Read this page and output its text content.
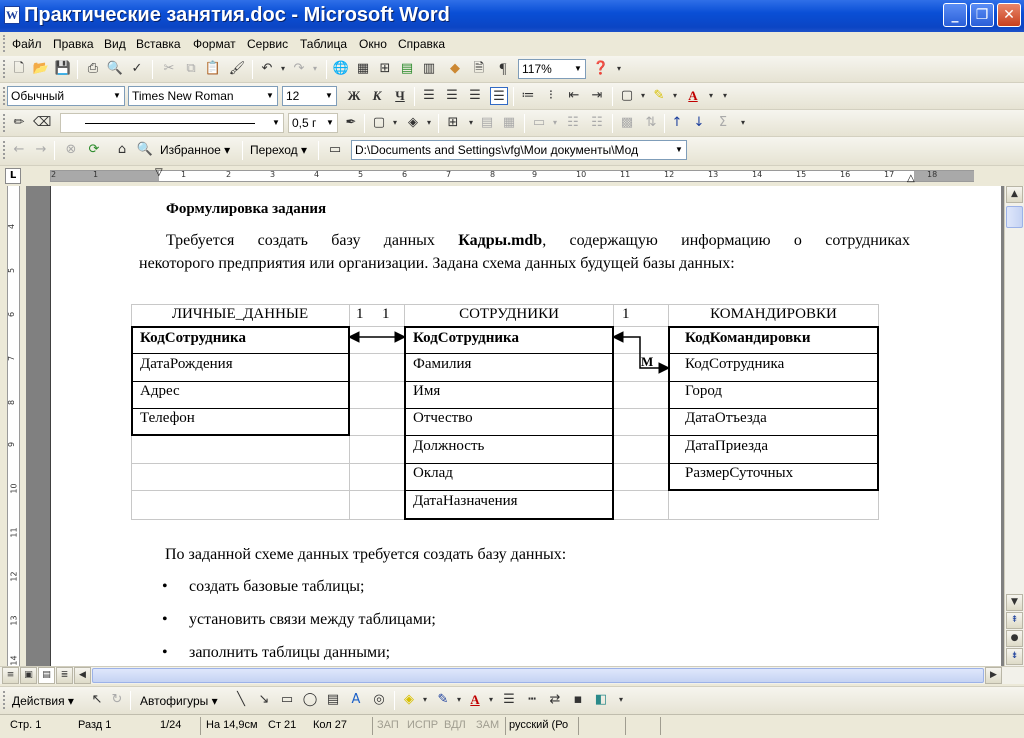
W Практические занятия.doc - Microsoft Word	_	❐	✕
Файл Правка Вид Вставка Формат Сервис Таблица Окно Справка
🗋 📂 💾 ⎙ 🔍 ✓ ✂ ⧉ 📋 🖌 ↶	▾ ↷	▾	🌐 ▦ ⊞ ▤ ▥	◆	🗎	¶	117%	▼ ❓ ▾
Обычный	▼ Times New Roman	▼	12	▼ Ж К	Ч	☰ ☰ ☰ ☰ ≔	⁝	⇤ ⇥ ▢ ▾ ✎	▾ A	▾	▾
✏ ⌫	▼	0,5 г	▼ ✒ ▢ ▾ ◈	▾	⊞	▾ ▤ ▦ ▭ ▾ ☷ ☷ ▩ ⇅ ↑ ↓	Σ	▾
← → ⊗ ⟳	⌂ 🔍 Избранное ▾ Переход ▾ ▭	D:\Documents and Settings\vfg\Мои документы\Мод	▼
L	2	1	1	2	3	4	5	6	7	8	9	10	11	12	13	14	15	16	17	18
▽
△
4
5
6
7
8
9
10
11
12
13
14
Формулировка задания
Требуется создать базу данных Кадры.mdb, содержащую информацию о сотрудниках
некоторого предприятия или организации. Задана схема данных будущей базы данных:
ЛИЧНЫЕ_ДАННЫЕ	СОТРУДНИКИ	КОМАНДИРОВКИ
1 1	1
М
КодСотрудника
ДатаРождения
Адрес
Телефон
КодСотрудника
Фамилия
Имя
Отчество
Должность
Оклад
ДатаНазначения
КодКомандировки
КодСотрудника
Город
ДатаОтъезда
ДатаПриезда
РазмерСуточных
По заданной схеме данных требуется создать базу данных:
• создать базовые таблицы;
• установить связи между таблицами;
• заполнить таблицы данными;
▲
▼
⇞
●
⇟
≡	▣	▤	≣	◀	▶
Действия ▾ ↖ ↻ Автофигуры ▾	╲	↘ ▭ ◯ ▤ A ◎	◈	▾ ✎	▾ A	▾ ☰	┅	⇄	▪ ◧	▾
Стр. 1	Разд 1	1/24 На 14,9см Ст 21 Кол 27	ЗАП ИСПР ВДЛ ЗАМ русский (Ро
